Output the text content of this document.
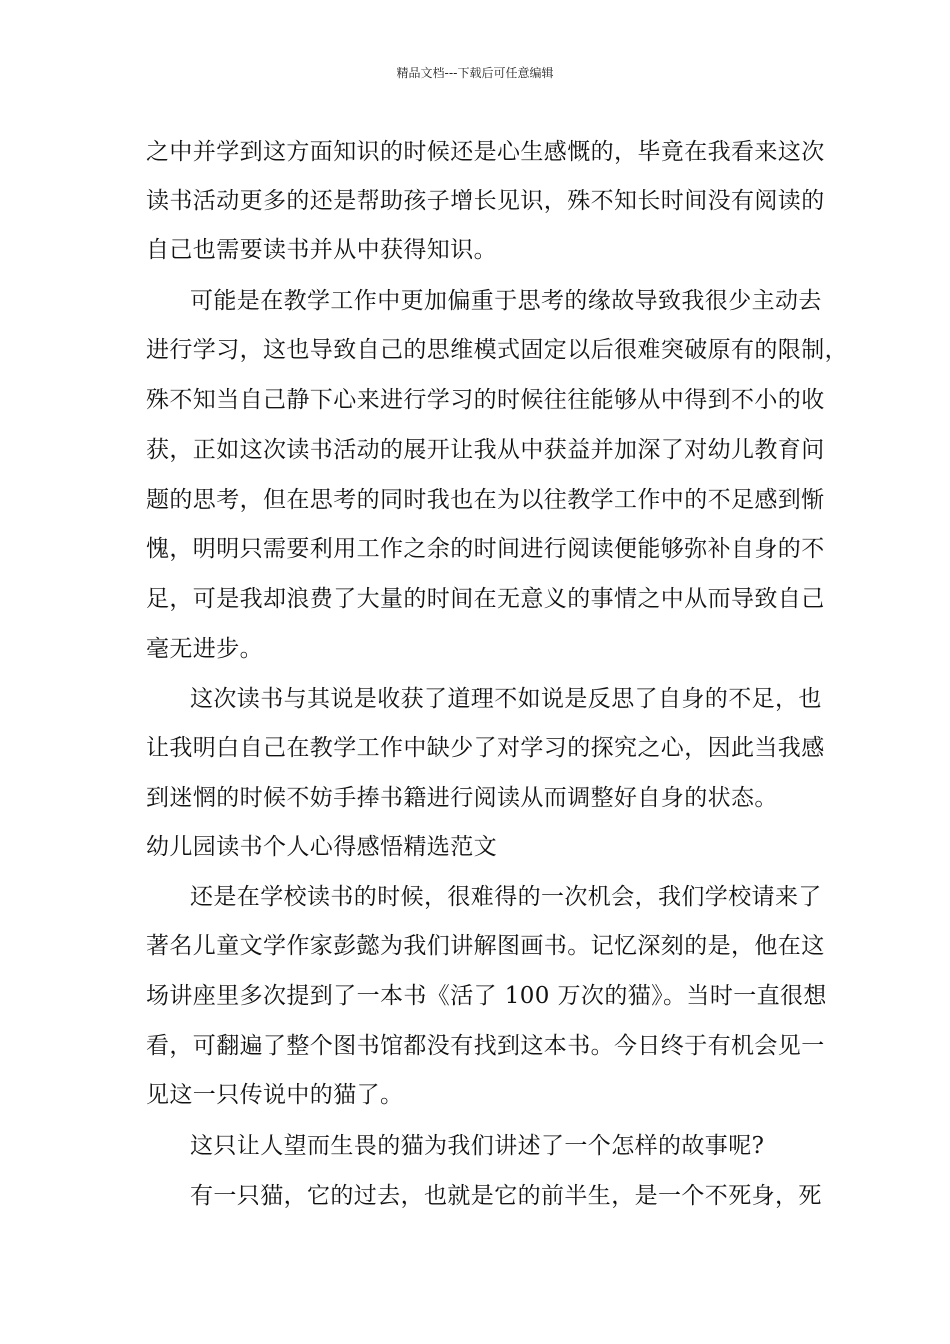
精品文档---下载后可任意编辑
之中并学到这方面知识的时候还是心生感慨的，毕竟在我看来这次
读书活动更多的还是帮助孩子增长见识，殊不知长时间没有阅读的
自己也需要读书并从中获得知识。
可能是在教学工作中更加偏重于思考的缘故导致我很少主动去
进行学习，这也导致自己的思维模式固定以后很难突破原有的限制，
殊不知当自己静下心来进行学习的时候往往能够从中得到不小的收
获，正如这次读书活动的展开让我从中获益并加深了对幼儿教育问
题的思考，但在思考的同时我也在为以往教学工作中的不足感到惭
愧，明明只需要利用工作之余的时间进行阅读便能够弥补自身的不
足，可是我却浪费了大量的时间在无意义的事情之中从而导致自己
毫无进步。
这次读书与其说是收获了道理不如说是反思了自身的不足，也
让我明白自己在教学工作中缺少了对学习的探究之心，因此当我感
到迷惘的时候不妨手捧书籍进行阅读从而调整好自身的状态。
幼儿园读书个人心得感悟精选范文
还是在学校读书的时候，很难得的一次机会，我们学校请来了
著名儿童文学作家彭懿为我们讲解图画书。记忆深刻的是，他在这
场讲座里多次提到了一本书《活了 100 万次的猫》。当时一直很想
看，可翻遍了整个图书馆都没有找到这本书。今日终于有机会见一
见这一只传说中的猫了。
这只让人望而生畏的猫为我们讲述了一个怎样的故事呢?
有一只猫，它的过去，也就是它的前半生，是一个不死身，死
